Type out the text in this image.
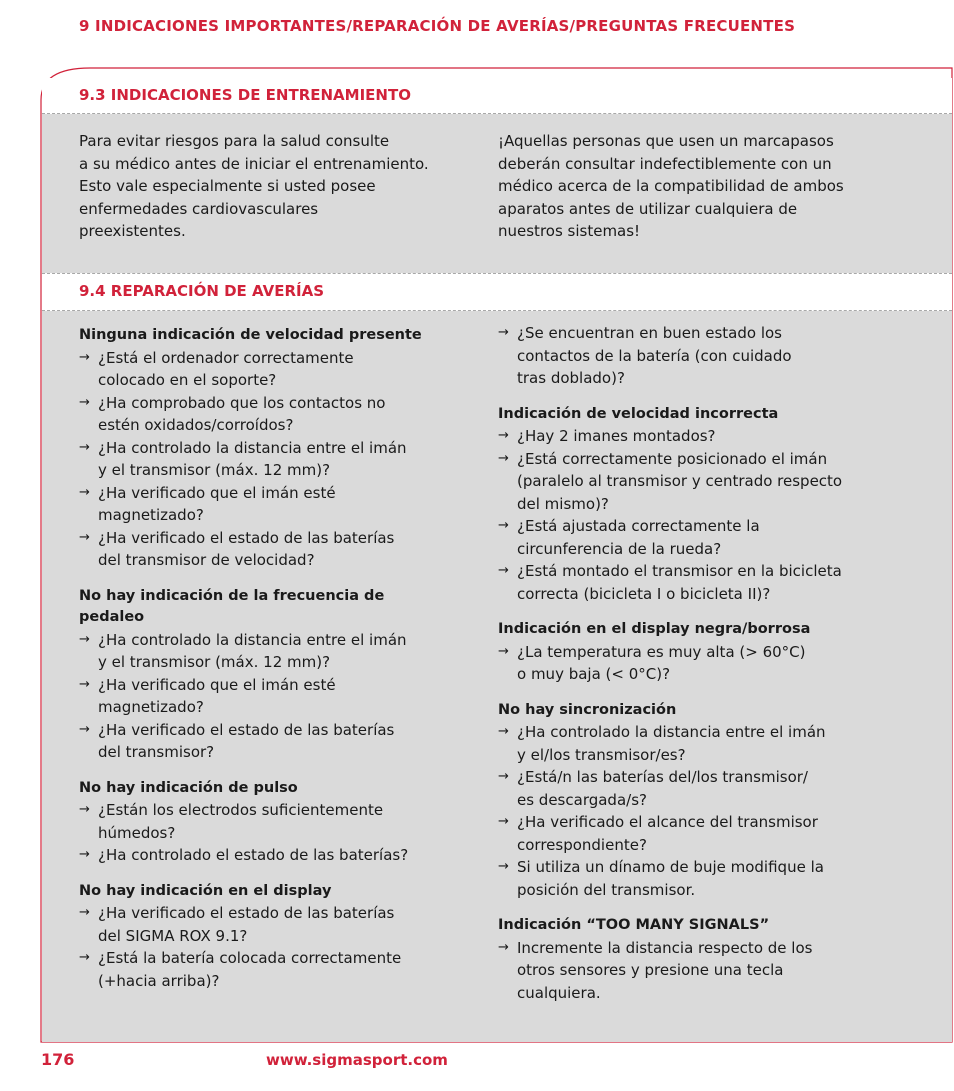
9 INDICACIONES IMPORTANTES/REPARACIÓN DE AVERÍAS/PREGUNTAS FRECUENTES
9.3 INDICACIONES DE ENTRENAMIENTO

Para evitar riesgos para la salud consulte

a su médico antes de iniciar el entrenamiento.

Esto vale especialmente si usted posee

enfermedades cardiovasculares

preexistentes.

¡Aquellas personas que usen un marcapasos

deberán consultar indefectiblemente con un

médico acerca de la compatibilidad de ambos

aparatos antes de utilizar cualquiera de

nuestros sistemas!

9.4 REPARACIÓN DE AVERÍAS
Ninguna indicación de velocidad presente
→ ¿Está el ordenador correctamente
colocado en el soporte?
→ ¿Ha comprobado que los contactos no
estén oxidados/corroídos?
→ ¿Ha controlado la distancia entre el imán
y el transmisor (máx. 12 mm)?
→ ¿Ha verificado que el imán esté
magnetizado?
→ ¿Ha verificado el estado de las baterías
del transmisor de velocidad?
No hay indicación de la frecuencia de
pedaleo
→ ¿Ha controlado la distancia entre el imán
y el transmisor (máx. 12 mm)?
→ ¿Ha verificado que el imán esté
magnetizado?
→ ¿Ha verificado el estado de las baterías
del transmisor?
No hay indicación de pulso
→ ¿Están los electrodos suficientemente
húmedos?
→ ¿Ha controlado el estado de las baterías?
No hay indicación en el display
→ ¿Ha verificado el estado de las baterías
del SIGMA ROX 9.1?
→ ¿Está la batería colocada correctamente
(+hacia arriba)?
→ ¿Se encuentran en buen estado los
contactos de la batería (con cuidado
tras doblado)?
Indicación de velocidad incorrecta
→ ¿Hay 2 imanes montados?
→ ¿Está correctamente posicionado el imán
(paralelo al transmisor y centrado respecto
del mismo)?
→ ¿Está ajustada correctamente la
circunferencia de la rueda?
→ ¿Está montado el transmisor en la bicicleta
correcta (bicicleta I o bicicleta II)?
Indicación en el display negra/borrosa
→ ¿La temperatura es muy alta (> 60°C)
o muy baja (< 0°C)?
No hay sincronización
→ ¿Ha controlado la distancia entre el imán
y el/los transmisor/es?
→ ¿Está/n las baterías del/los transmisor/
es descargada/s?
→ ¿Ha verificado el alcance del transmisor
correspondiente?
→ Si utiliza un dínamo de buje modifique la
posición del transmisor.
Indicación “TOO MANY SIGNALS”
→ Incremente la distancia respecto de los
otros sensores y presione una tecla
cualquiera.
176	www.sigmasport.com
